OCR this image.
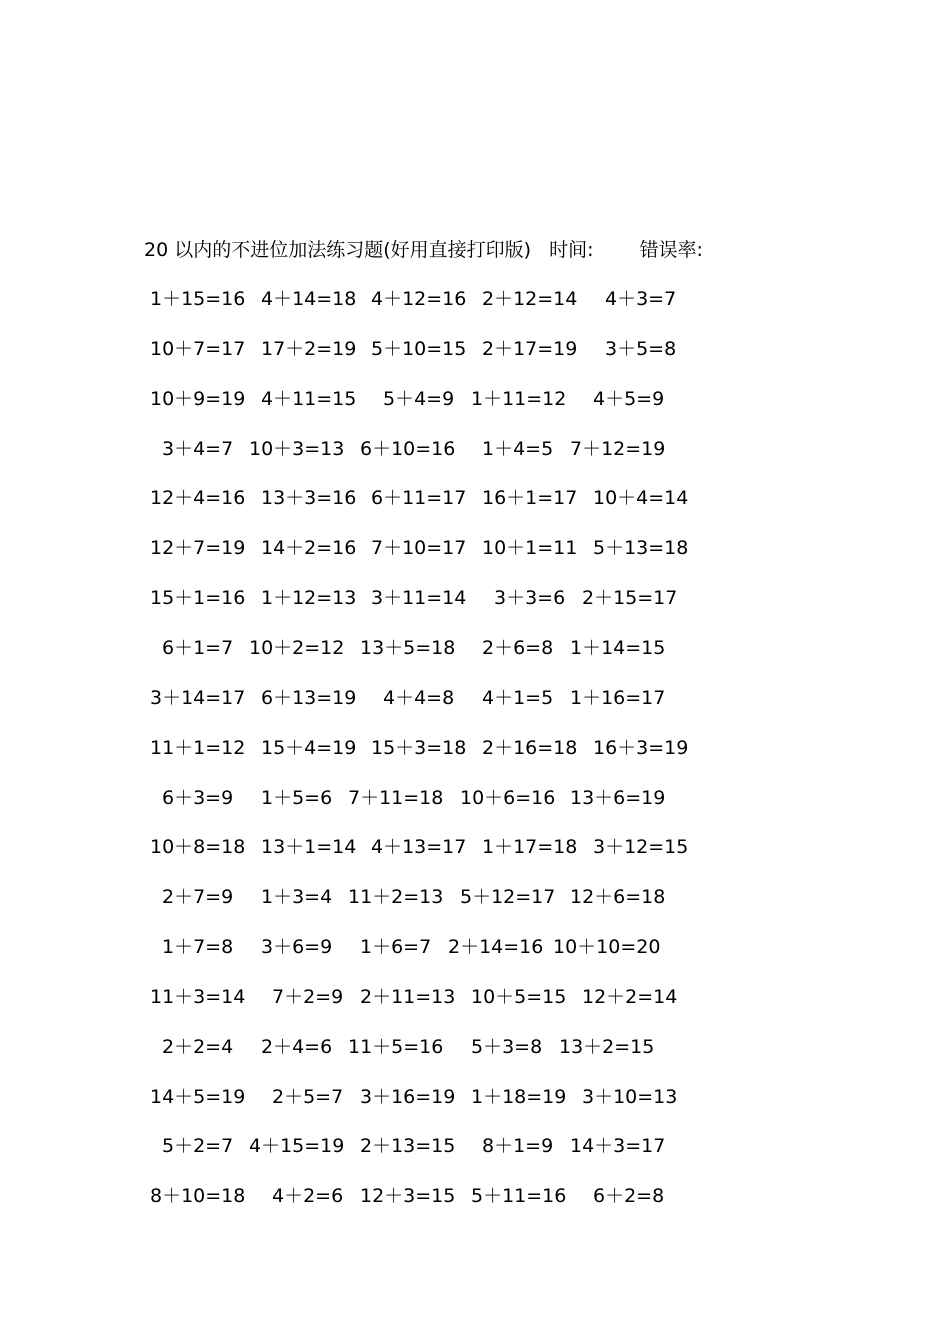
20 以内的不进位加法练习题(好用直接打印版) 时间: 错误率:
1＋15=16 4＋14=18 4＋12=16 2＋12=14 4＋3=7
10＋7=17 17＋2=19 5＋10=15 2＋17=19 3＋5=8
10＋9=19 4＋11=15 5＋4=9 1＋11=12 4＋5=9
3＋4=7 10＋3=13 6＋10=16 1＋4=5 7＋12=19
12＋4=16 13＋3=16 6＋11=17 16＋1=17 10＋4=14
12＋7=19 14＋2=16 7＋10=17 10＋1=11 5＋13=18
15＋1=16 1＋12=13 3＋11=14 3＋3=6 2＋15=17
6＋1=7 10＋2=12 13＋5=18 2＋6=8 1＋14=15
3＋14=17 6＋13=19 4＋4=8 4＋1=5 1＋16=17
11＋1=12 15＋4=19 15＋3=18 2＋16=18 16＋3=19
6＋3=9 1＋5=6 7＋11=18 10＋6=16 13＋6=19
10＋8=18 13＋1=14 4＋13=17 1＋17=18 3＋12=15
2＋7=9 1＋3=4 11＋2=13 5＋12=17 12＋6=18
1＋7=8 3＋6=9 1＋6=7 2＋14=16 10＋10=20
11＋3=14 7＋2=9 2＋11=13 10＋5=15 12＋2=14
2＋2=4 2＋4=6 11＋5=16 5＋3=8 13＋2=15
14＋5=19 2＋5=7 3＋16=19 1＋18=19 3＋10=13
5＋2=7 4＋15=19 2＋13=15 8＋1=9 14＋3=17
8＋10=18 4＋2=6 12＋3=15 5＋11=16 6＋2=8
